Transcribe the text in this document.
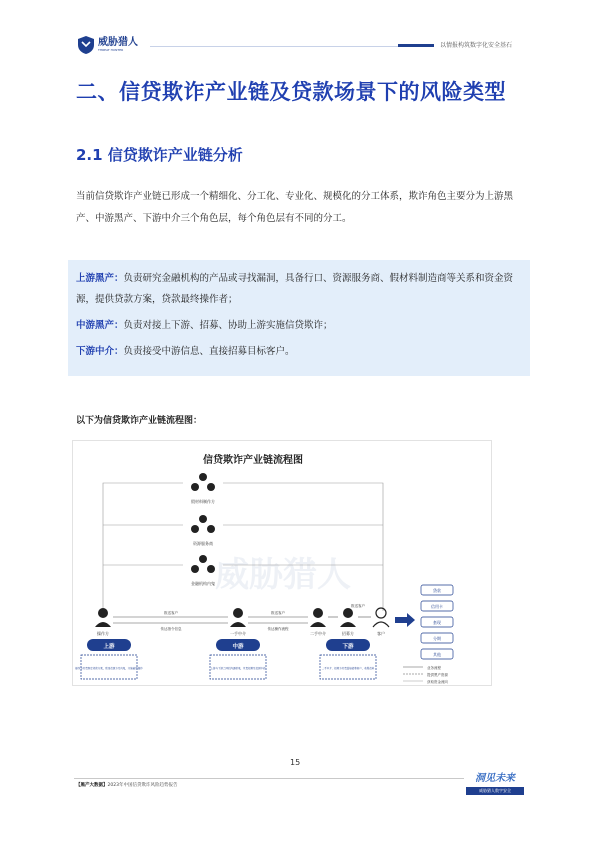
威胁猎人
THREAT HUNTER
以情报构筑数字化安全基石
二、信贷欺诈产业链及贷款场景下的风险类型
2.1 信贷欺诈产业链分析
当前信贷欺诈产业链已形成一个精细化、分工化、专业化、规模化的分工体系，欺诈角色主要分为上游黑产、中游黑产、下游中介三个角色层，每个角色层有不同的分工。
上游黑产：负责研究金融机构的产品或寻找漏洞，具备行口、资源服务商、假材料制造商等关系和资金资源，提供贷款方案，贷款最终操作者；
中游黑产：负责对接上下游、招募、协助上游实施信贷欺诈；
下游中介：负责接受中游信息、直接招募目标客户。
以下为信贷欺诈产业链流程图：
威胁猎人
信贷欺诈产业链流程图
假材料制作方
资源服务商
金融机构内鬼
操作方	一手中介	二手中介	招募方	客户
推送客户
传达指令信息
推送客户
传达操作流程
推送客户
贷款
信用卡
套现
分期
其他
上游	中游	下游
操作方负责制定贷款方案，联络资源方及内鬼，实施最终操作	上游与下游之间的沟通桥梁，负责招募及资源中转	二手中介、招募方负责直接招募客户，收集资料	业务流程
提供黑产资源
获取资金流向
15
【黑产大数据】2023年中国信贷欺诈风险趋势报告
洞见未来
威胁猎人数字安全
